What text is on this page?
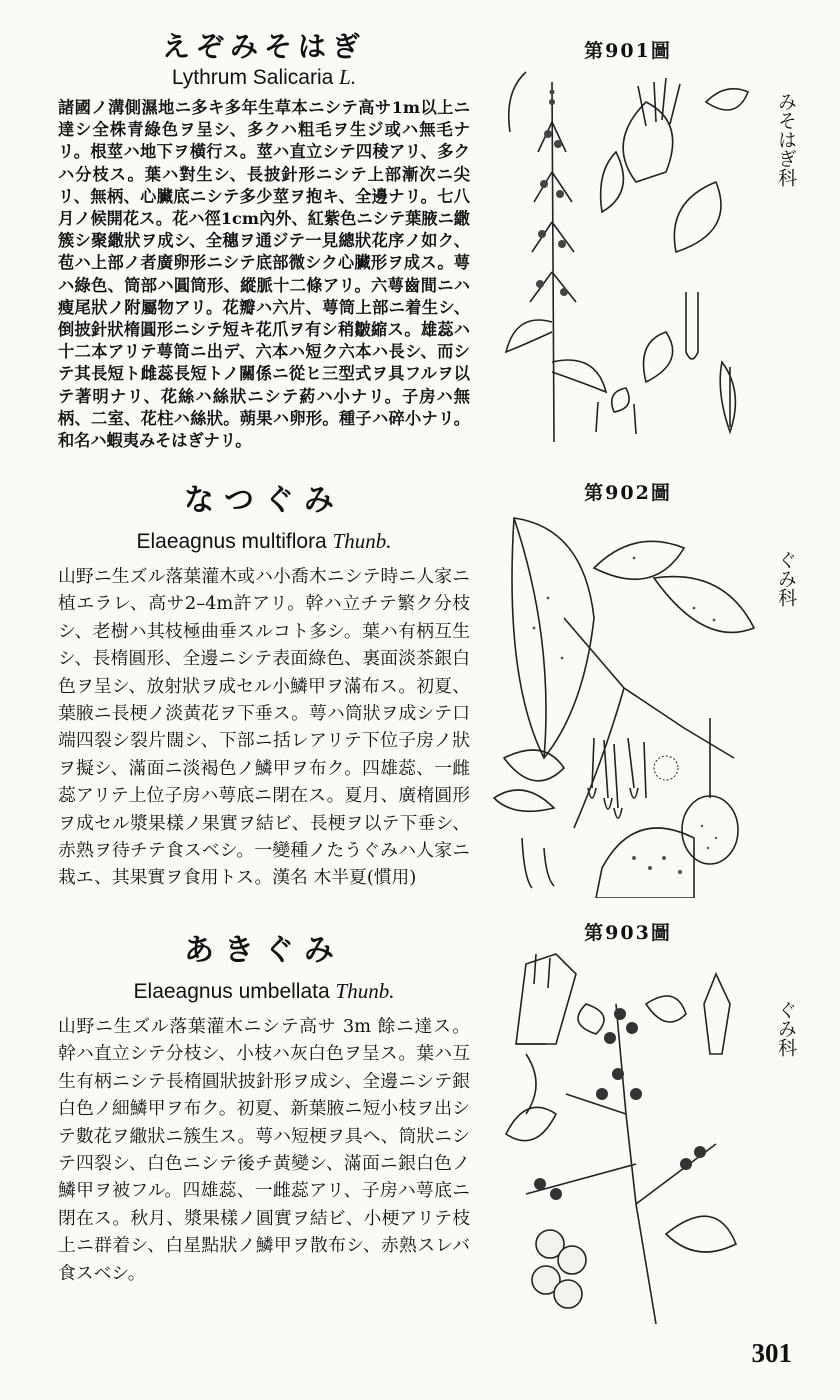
えぞみそはぎ

Lythrum Salicaria L.

諸國ノ溝側濕地ニ多キ多年生草本ニシテ高サ1m以上ニ達シ全株青綠色ヲ呈シ、多クハ粗毛ヲ生ジ或ハ無毛ナリ。根莖ハ地下ヲ橫行ス。莖ハ直立シテ四稜アリ、多クハ分枝ス。葉ハ對生シ、長披針形ニシテ上部漸次ニ尖リ、無柄、心臟底ニシテ多少莖ヲ抱キ、全邊ナリ。七八月ノ候開花ス。花ハ徑1cm內外、紅紫色ニシテ葉腋ニ繖簇シ聚繖狀ヲ成シ、全穗ヲ通ジテ一見總狀花序ノ如ク、苞ハ上部ノ者廣卵形ニシテ底部微シク心臟形ヲ成ス。萼ハ綠色、筒部ハ圓筒形、縱脈十二條アリ。六萼齒間ニハ瘦尾狀ノ附屬物アリ。花瓣ハ六片、萼筒上部ニ着生シ、倒披針狀楕圓形ニシテ短キ花爪ヲ有シ稍皺縮ス。雄蕊ハ十二本アリテ萼筒ニ出デ、六本ハ短ク六本ハ長シ、而シテ其長短ト雌蕊長短トノ關係ニ從ヒ三型式ヲ具フルヲ以テ著明ナリ、花絲ハ絲狀ニシテ葯ハ小ナリ。子房ハ無柄、二室、花柱ハ絲狀。蒴果ハ卵形。種子ハ碎小ナリ。和名ハ蝦夷みそはぎナリ。

第901圖
みそはぎ科
なつぐみ

Elaeagnus multiflora Thunb.

山野ニ生ズル落葉灌木或ハ小喬木ニシテ時ニ人家ニ植エラレ、高サ2–4m許アリ。幹ハ立チテ繁ク分枝シ、老樹ハ其枝極曲垂スルコト多シ。葉ハ有柄互生シ、長楕圓形、全邊ニシテ表面綠色、裏面淡茶銀白色ヲ呈シ、放射狀ヲ成セル小鱗甲ヲ滿布ス。初夏、葉腋ニ長梗ノ淡黃花ヲ下垂ス。萼ハ筒狀ヲ成シテ口端四裂シ裂片闊シ、下部ニ括レアリテ下位子房ノ狀ヲ擬シ、滿面ニ淡褐色ノ鱗甲ヲ布ク。四雄蕊、一雌蕊アリテ上位子房ハ萼底ニ閉在ス。夏月、廣楕圓形ヲ成セル漿果樣ノ果實ヲ結ビ、長梗ヲ以テ下垂シ、赤熟ヲ待チテ食スベシ。一變種ノたうぐみハ人家ニ栽エ、其果實ヲ食用トス。漢名 木半夏(慣用)

第902圖
ぐみ科
あきぐみ

Elaeagnus umbellata Thunb.

山野ニ生ズル落葉灌木ニシテ高サ 3m 餘ニ達ス。幹ハ直立シテ分枝シ、小枝ハ灰白色ヲ呈ス。葉ハ互生有柄ニシテ長楕圓狀披針形ヲ成シ、全邊ニシテ銀白色ノ細鱗甲ヲ布ク。初夏、新葉腋ニ短小枝ヲ出シテ數花ヲ繖狀ニ簇生ス。萼ハ短梗ヲ具ヘ、筒狀ニシテ四裂シ、白色ニシテ後チ黃變シ、滿面ニ銀白色ノ鱗甲ヲ被フル。四雄蕊、一雌蕊アリ、子房ハ萼底ニ閉在ス。秋月、漿果樣ノ圓實ヲ結ビ、小梗アリテ枝上ニ群着シ、白星點狀ノ鱗甲ヲ散布シ、赤熟スレバ食スベシ。

第903圖
ぐみ科
301
